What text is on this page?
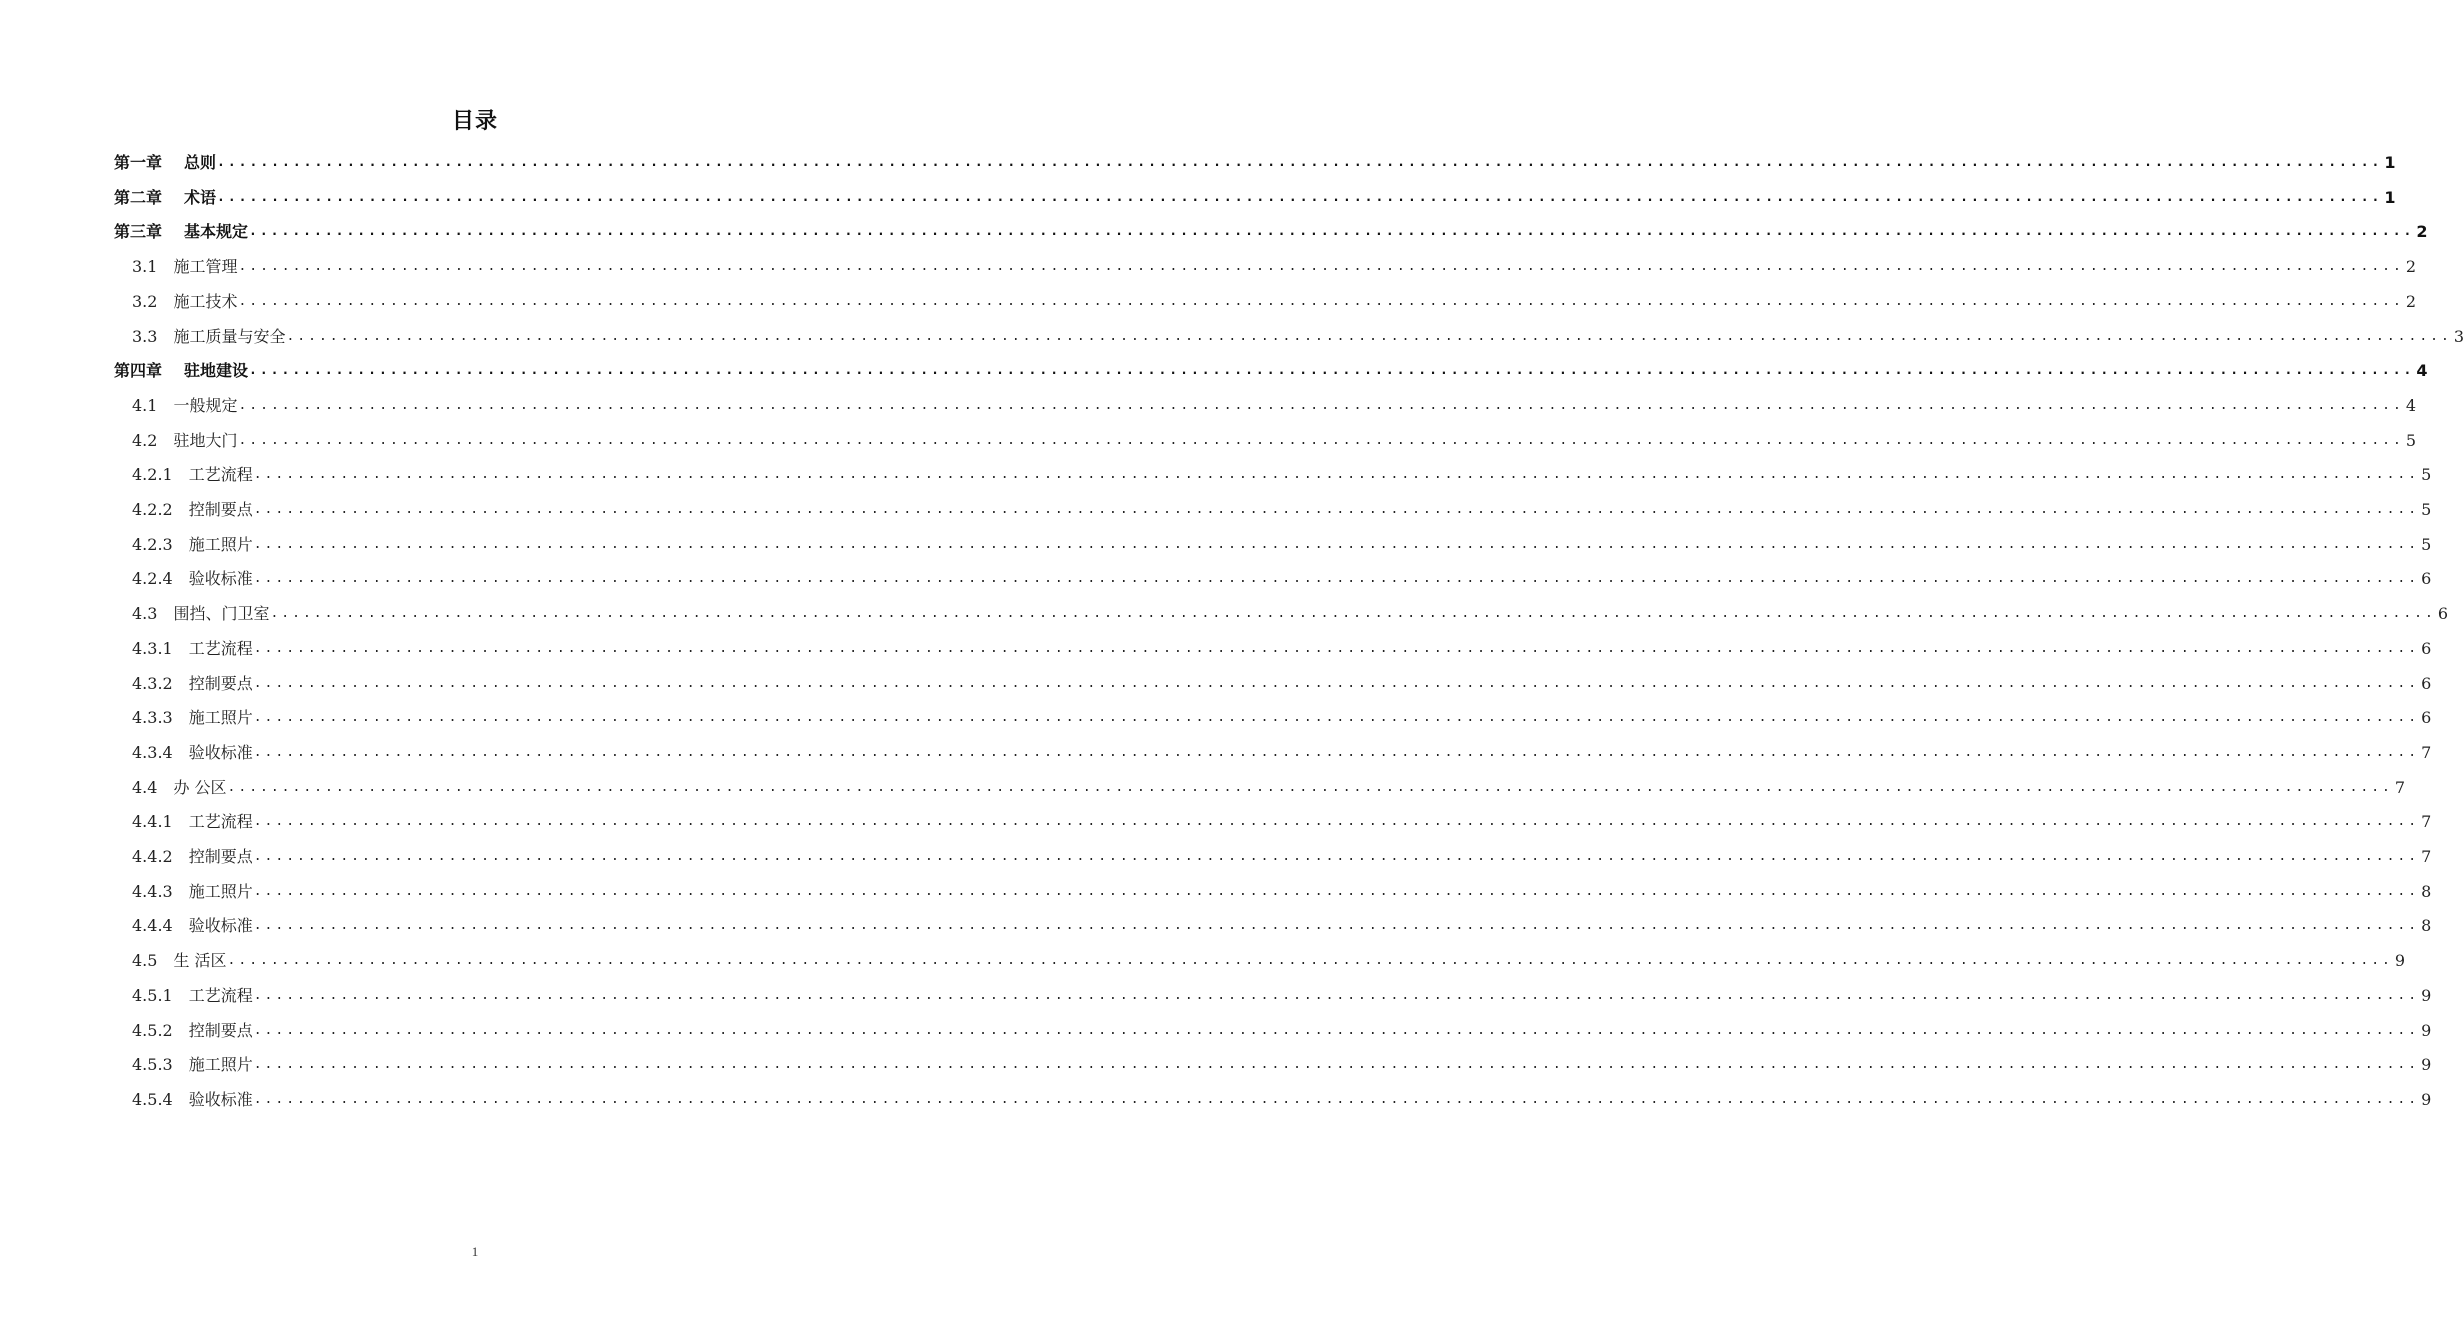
目录
第一章 总则 ........................................................................................................................................................................................................ 1
第二章 术语 ........................................................................................................................................................................................................ 1
第三章 基本规定 ........................................................................................................................................................................................................ 2
3.1 施工管理 ........................................................................................................................................................................................................ 2
3.2 施工技术 ........................................................................................................................................................................................................ 2
3.3 施工质量与安全 ........................................................................................................................................................................................................ 3
第四章 驻地建设 ........................................................................................................................................................................................................ 4
4.1 一般规定 ........................................................................................................................................................................................................ 4
4.2 驻地大门 ........................................................................................................................................................................................................ 5
4.2.1 工艺流程 ........................................................................................................................................................................................................ 5
4.2.2 控制要点 ........................................................................................................................................................................................................ 5
4.2.3 施工照片 ........................................................................................................................................................................................................ 5
4.2.4 验收标准 ........................................................................................................................................................................................................ 6
4.3 围挡、门卫室 ........................................................................................................................................................................................................ 6
4.3.1 工艺流程 ........................................................................................................................................................................................................ 6
4.3.2 控制要点 ........................................................................................................................................................................................................ 6
4.3.3 施工照片 ........................................................................................................................................................................................................ 6
4.3.4 验收标准 ........................................................................................................................................................................................................ 7
4.4 办 公区 ........................................................................................................................................................................................................ 7
4.4.1 工艺流程 ........................................................................................................................................................................................................ 7
4.4.2 控制要点 ........................................................................................................................................................................................................ 7
4.4.3 施工照片 ........................................................................................................................................................................................................ 8
4.4.4 验收标准 ........................................................................................................................................................................................................ 8
4.5 生 活区 ........................................................................................................................................................................................................ 9
4.5.1 工艺流程 ........................................................................................................................................................................................................ 9
4.5.2 控制要点 ........................................................................................................................................................................................................ 9
4.5.3 施工照片 ........................................................................................................................................................................................................ 9
4.5.4 验收标准 ........................................................................................................................................................................................................ 9
1
